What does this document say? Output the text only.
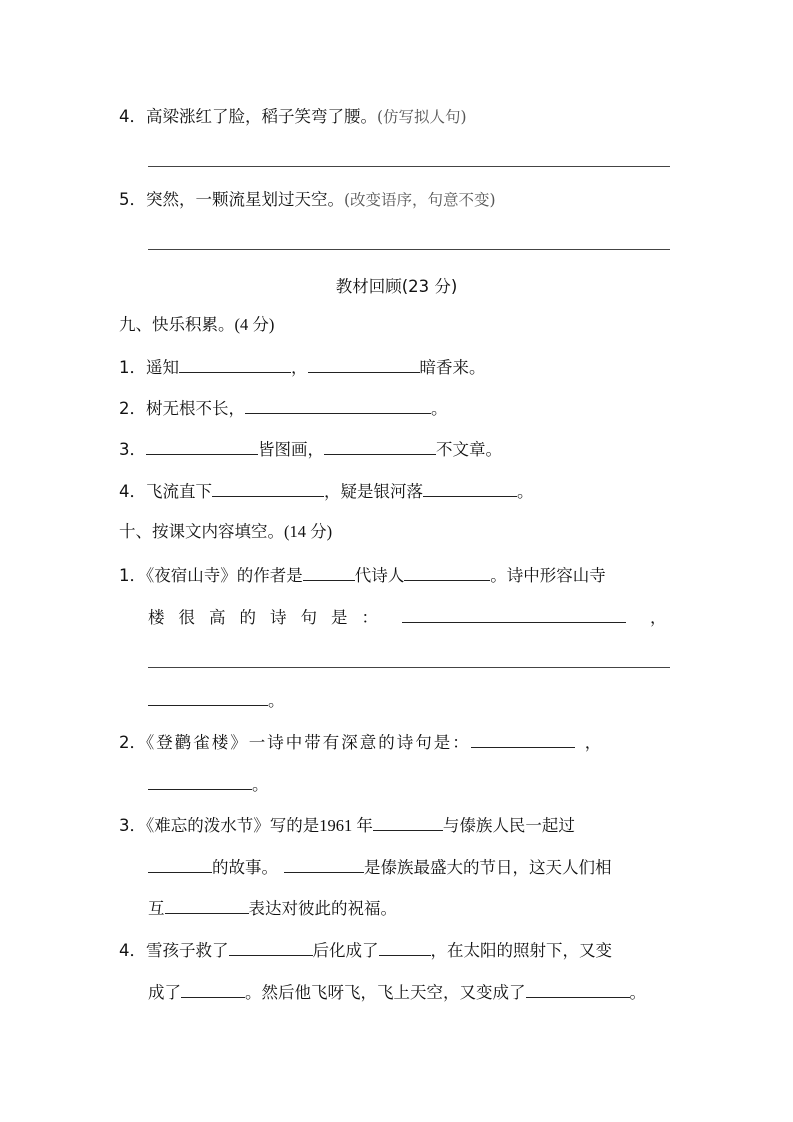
4．高梁涨红了脸，稻子笑弯了腰。(仿写拟人句)
5．突然，一颗流星划过天空。(改变语序，句意不变)
教材回顾(23 分)
九、快乐积累。(4 分)
1．遥知	，	暗香来。
2．树无根不长，	。
3．	皆图画，	不文章。
4．飞流直下	，疑是银河落	。
十、按课文内容填空。(14 分)
1．《夜宿山寺》的作者是	代诗人	。诗中形容山寺
楼很高的诗句是：	，
。
2．《登鹳雀楼》一诗中带有深意的诗句是：	，
。
3．《难忘的泼水节》写的是1961 年	与傣族人民一起过
的故事。	是傣族最盛大的节日，这天人们相
互	表达对彼此的祝福。
4．雪孩子救了	后化成了	，在太阳的照射下，又变
成了	。然后他飞呀飞，飞上天空，又变成了	。
